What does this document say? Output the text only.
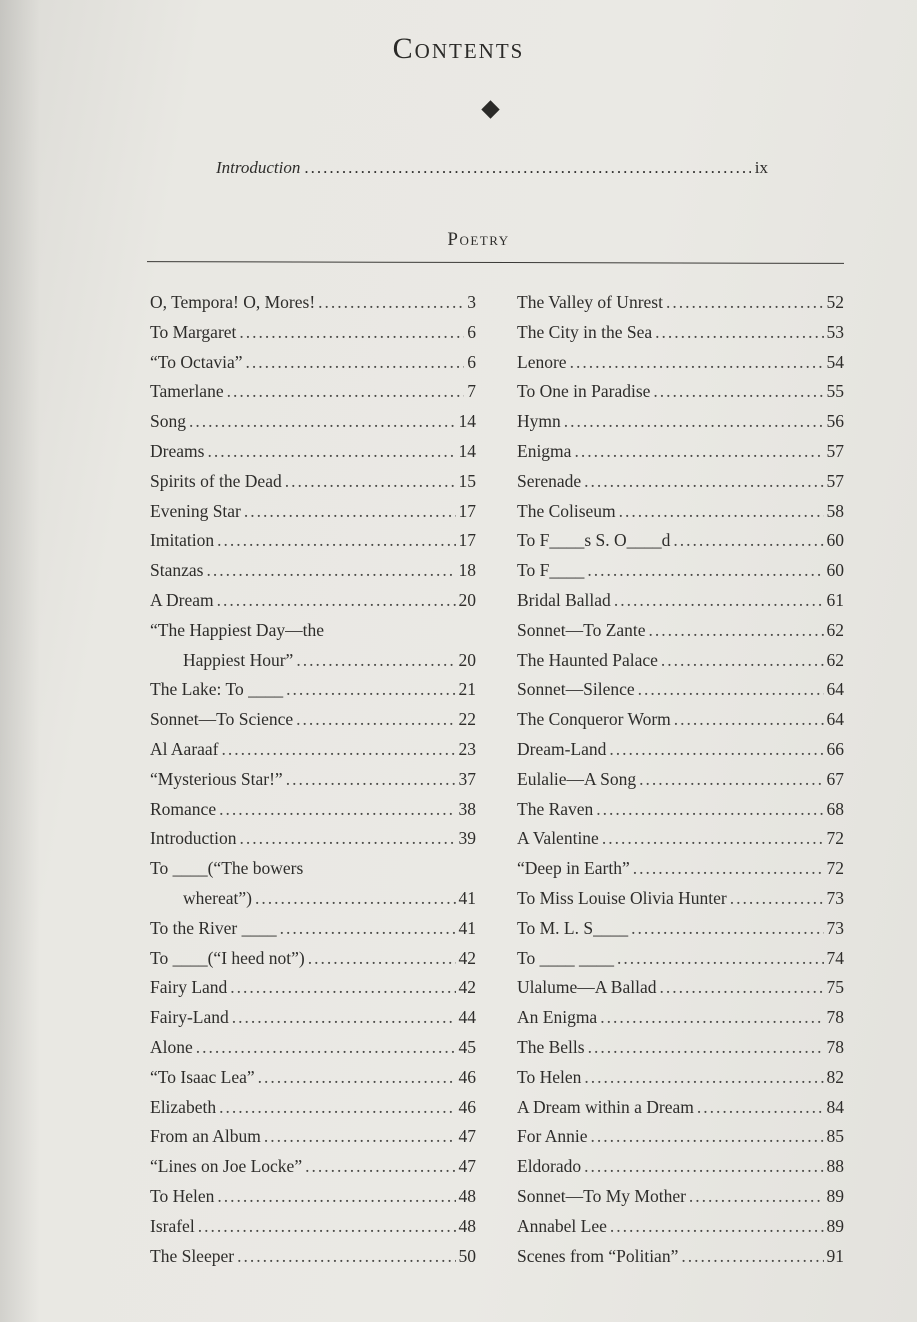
Contents
Introduction .....	ix
Poetry
O, Tempora! O, Mores! .....	3
To Margaret .....	6
“To Octavia” .....	6
Tamerlane .....	7
Song .....	14
Dreams .....	14
Spirits of the Dead .....	15
Evening Star .....	17
Imitation .....	17
Stanzas .....	18
A Dream .....	20
“The Happiest Day—the
Happiest Hour” .....	20
The Lake: To ____ .....	21
Sonnet—To Science .....	22
Al Aaraaf .....	23
“Mysterious Star!” .....	37
Romance .....	38
Introduction .....	39
To ____(“The bowers
whereat”) .....	41
To the River ____ .....	41
To ____(“I heed not”) .....	42
Fairy Land .....	42
Fairy-Land .....	44
Alone .....	45
“To Isaac Lea” .....	46
Elizabeth .....	46
From an Album .....	47
“Lines on Joe Locke” .....	47
To Helen .....	48
Israfel .....	48
The Sleeper .....	50
The Valley of Unrest .....	52
The City in the Sea .....	53
Lenore .....	54
To One in Paradise .....	55
Hymn .....	56
Enigma .....	57
Serenade .....	57
The Coliseum .....	58
To F____s S. O____d .....	60
To F____ .....	60
Bridal Ballad .....	61
Sonnet—To Zante .....	62
The Haunted Palace .....	62
Sonnet—Silence .....	64
The Conqueror Worm .....	64
Dream-Land .....	66
Eulalie—A Song .....	67
The Raven .....	68
A Valentine .....	72
“Deep in Earth” .....	72
To Miss Louise Olivia Hunter .....	73
To M. L. S____ .....	73
To ____ ____ .....	74
Ulalume—A Ballad .....	75
An Enigma .....	78
The Bells .....	78
To Helen .....	82
A Dream within a Dream .....	84
For Annie .....	85
Eldorado .....	88
Sonnet—To My Mother .....	89
Annabel Lee .....	89
Scenes from “Politian” .....	91
